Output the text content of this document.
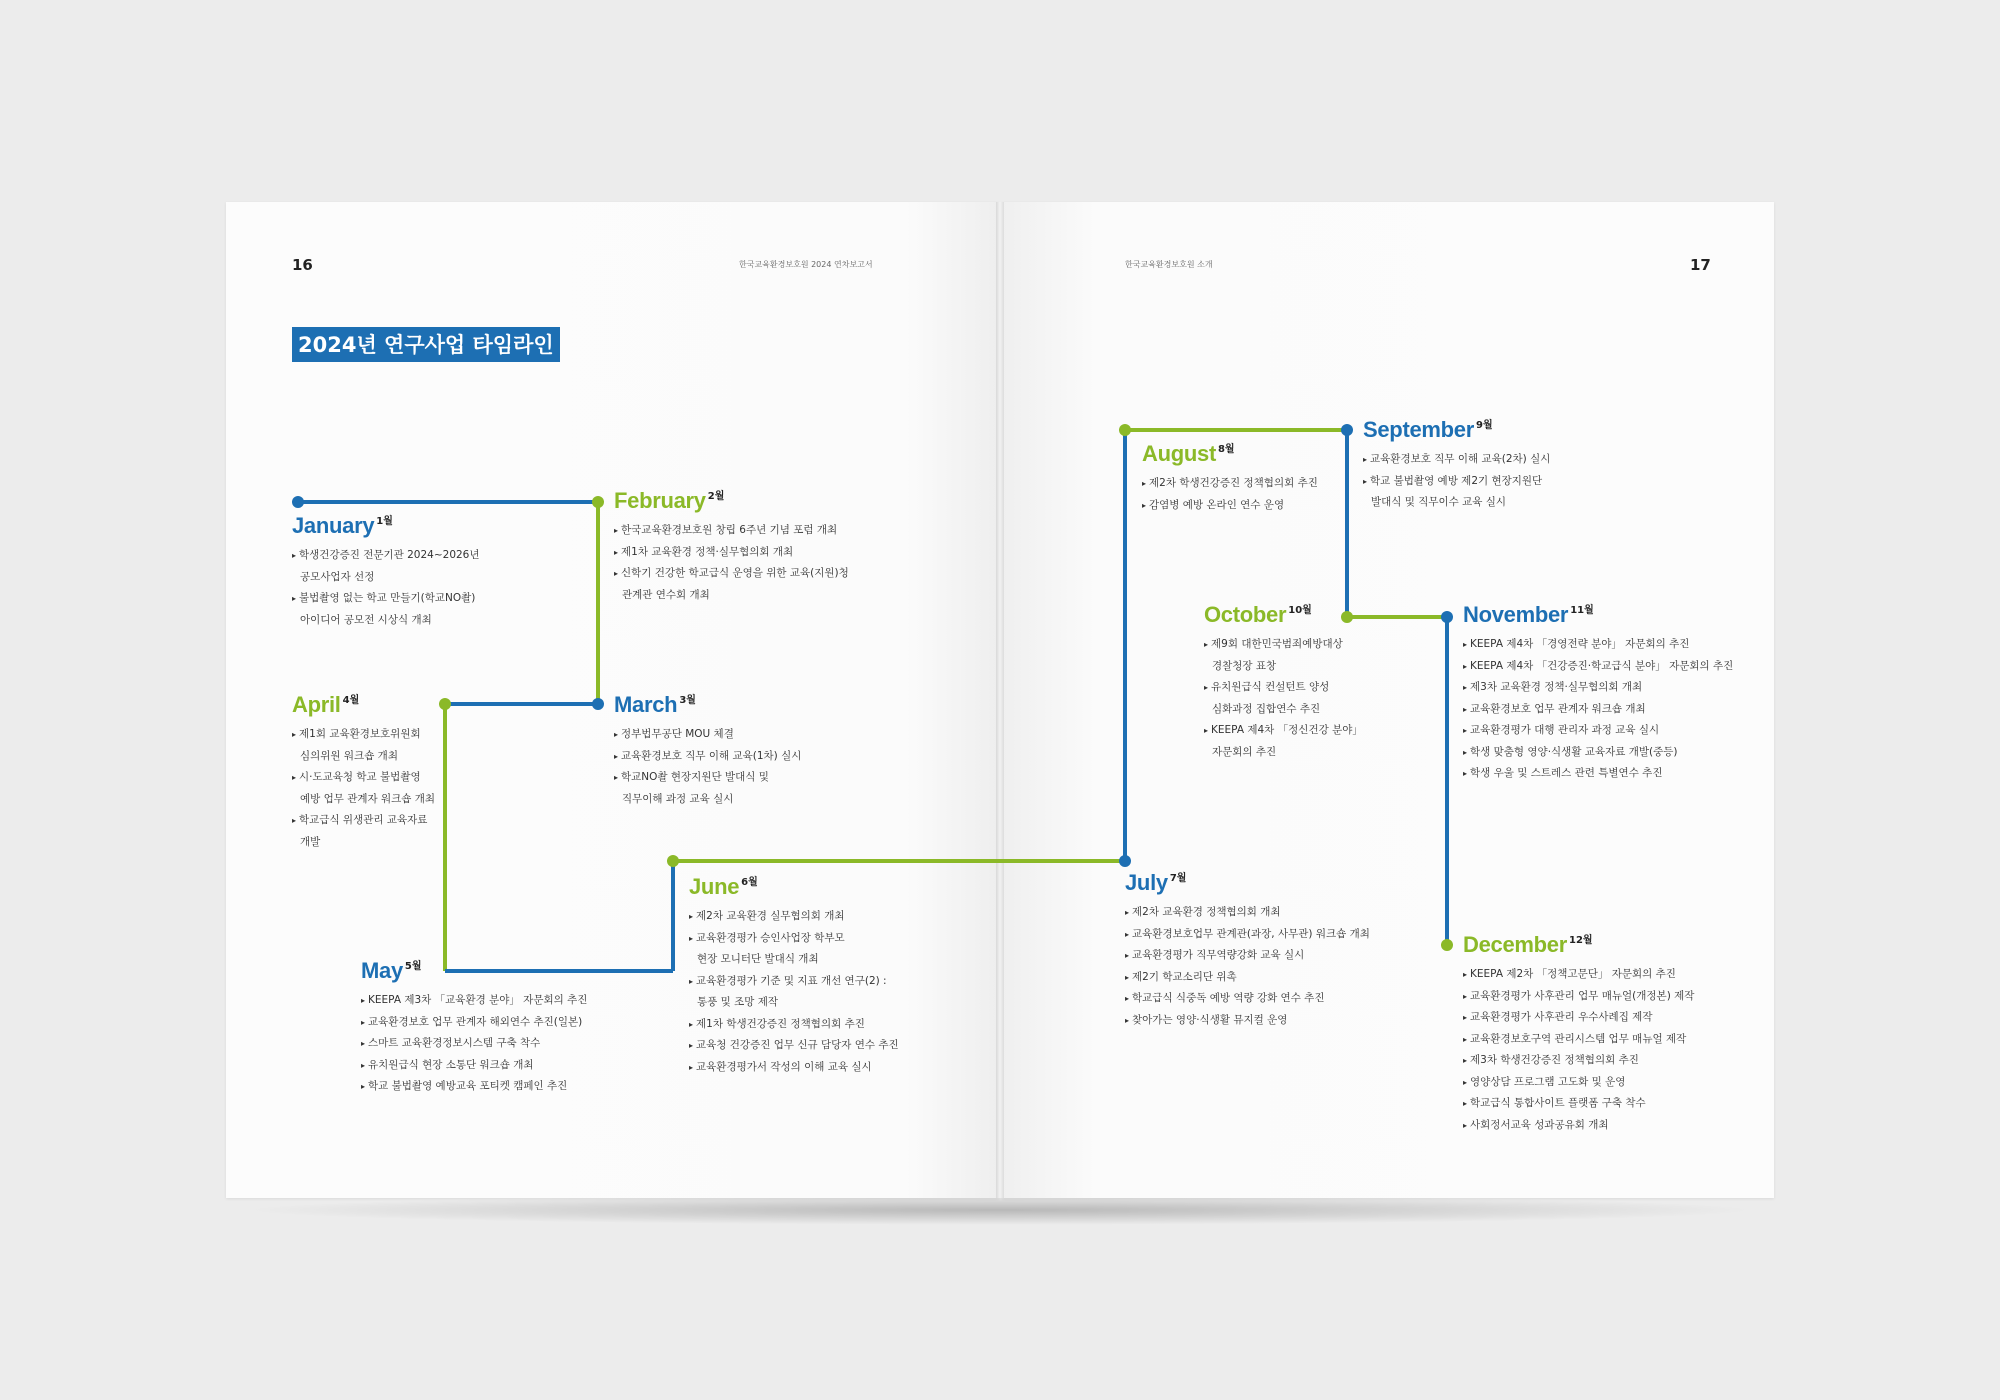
16	한국교육환경보호원 2024 연차보고서	한국교육환경보호원 소개	17
2024년 연구사업 타임라인
January $^{1월}$
▸ 학생건강증진 전문기관 2024~2026년
공모사업자 선정
▸ 불법촬영 없는 학교 만들기(학교NO촬)
아이디어 공모전 시상식 개최
February $^{2월}$
▸ 한국교육환경보호원 창립 6주년 기념 포럼 개최
▸ 제1차 교육환경 정책·실무협의회 개최
▸ 신학기 건강한 학교급식 운영을 위한 교육(지원)청
관계관 연수회 개최
March $^{3월}$
▸ 정부법무공단 MOU 체결
▸ 교육환경보호 직무 이해 교육(1차) 실시
▸ 학교NO촬 현장지원단 발대식 및
직무이해 과정 교육 실시
April $^{4월}$
▸ 제1회 교육환경보호위원회
심의위원 워크숍 개최
▸ 시·도교육청 학교 불법촬영
예방 업무 관계자 워크숍 개최
▸ 학교급식 위생관리 교육자료
개발
May $^{5월}$
▸ KEEPA 제3차 「교육환경 분야」 자문회의 추진
▸ 교육환경보호 업무 관계자 해외연수 추진(일본)
▸ 스마트 교육환경정보시스템 구축 착수
▸ 유치원급식 현장 소통단 워크숍 개최
▸ 학교 불법촬영 예방교육 포티켓 캠페인 추진
June $^{6월}$
▸ 제2차 교육환경 실무협의회 개최
▸ 교육환경평가 승인사업장 학부모
현장 모니터단 발대식 개최
▸ 교육환경평가 기준 및 지표 개선 연구(2) :
통풍 및 조망 제작
▸ 제1차 학생건강증진 정책협의회 추진
▸ 교육청 건강증진 업무 신규 담당자 연수 추진
▸ 교육환경평가서 작성의 이해 교육 실시
July $^{7월}$
▸ 제2차 교육환경 정책협의회 개최
▸ 교육환경보호업무 관계관(과장, 사무관) 워크숍 개최
▸ 교육환경평가 직무역량강화 교육 실시
▸ 제2기 학교소리단 위촉
▸ 학교급식 식중독 예방 역량 강화 연수 추진
▸ 찾아가는 영양·식생활 뮤지컬 운영
August $^{8월}$
▸ 제2차 학생건강증진 정책협의회 추진
▸ 감염병 예방 온라인 연수 운영
September $^{9월}$
▸ 교육환경보호 직무 이해 교육(2차) 실시
▸ 학교 불법촬영 예방 제2기 현장지원단
발대식 및 직무이수 교육 실시
October $^{10월}$
▸ 제9회 대한민국범죄예방대상
경찰청장 표창
▸ 유치원급식 컨설턴트 양성
심화과정 집합연수 추진
▸ KEEPA 제4차 「정신건강 분야」
자문회의 추진
November $^{11월}$
▸ KEEPA 제4차 「경영전략 분야」 자문회의 추진
▸ KEEPA 제4차 「건강증진·학교급식 분야」 자문회의 추진
▸ 제3차 교육환경 정책·실무협의회 개최
▸ 교육환경보호 업무 관계자 워크숍 개최
▸ 교육환경평가 대행 관리자 과정 교육 실시
▸ 학생 맞춤형 영양·식생활 교육자료 개발(중등)
▸ 학생 우울 및 스트레스 관련 특별연수 추진
December $^{12월}$
▸ KEEPA 제2차 「정책고문단」 자문회의 추진
▸ 교육환경평가 사후관리 업무 매뉴얼(개정본) 제작
▸ 교육환경평가 사후관리 우수사례집 제작
▸ 교육환경보호구역 관리시스템 업무 매뉴얼 제작
▸ 제3차 학생건강증진 정책협의회 추진
▸ 영양상담 프로그램 고도화 및 운영
▸ 학교급식 통합사이트 플랫폼 구축 착수
▸ 사회정서교육 성과공유회 개최
